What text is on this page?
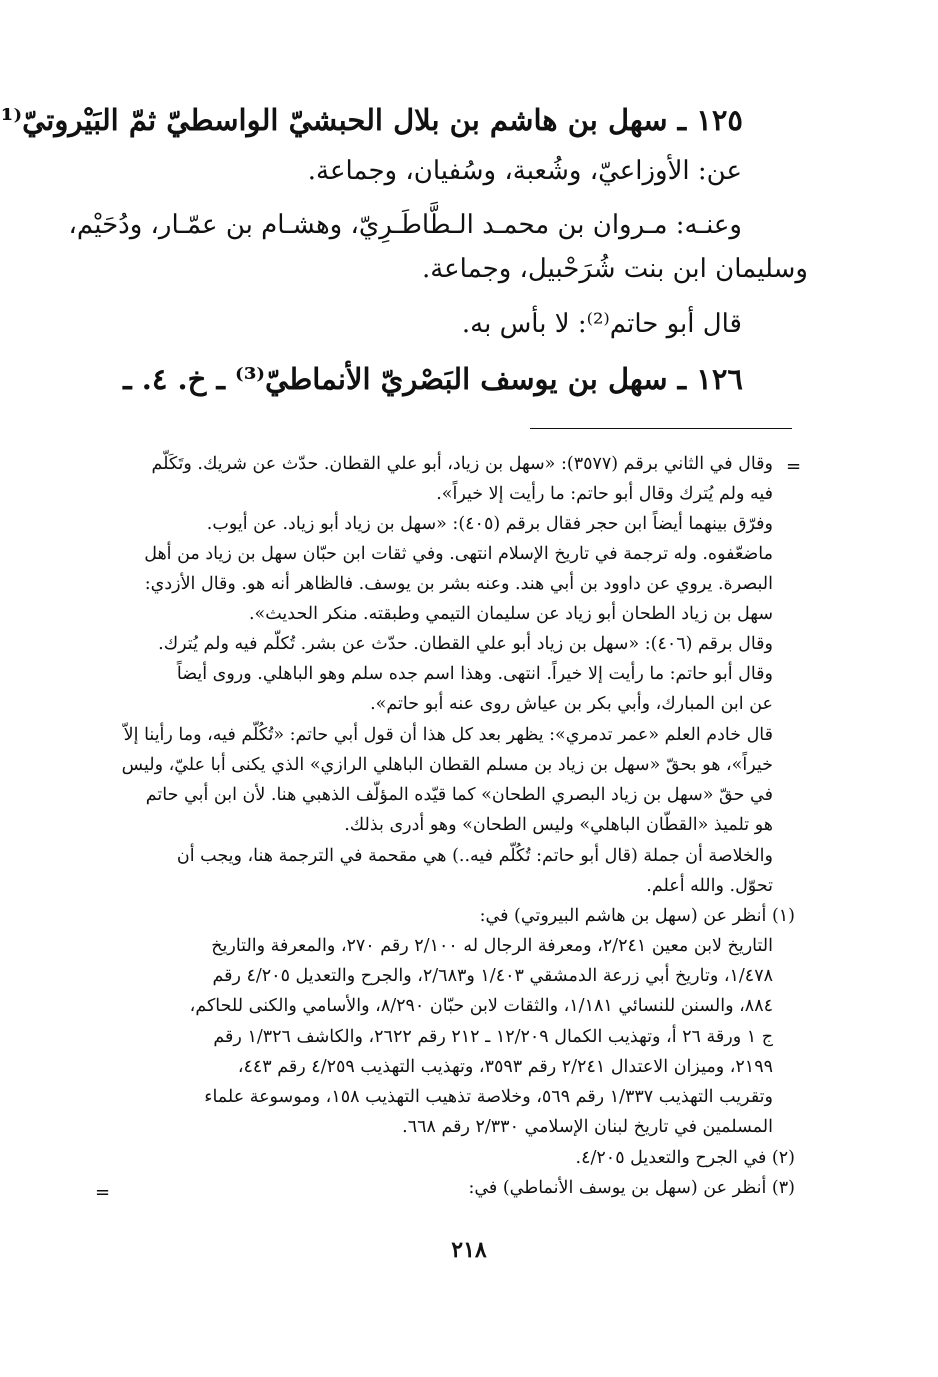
١٢٥ ـ سهل بن هاشم بن بلال الحبشيّ الواسطيّ ثمّ البَيْروتيّ⁽¹
عن: الأوزاعيّ، وشُعبة، وسُفيان، وجماعة.
وعنـه: مـروان بن محمـد الـطَّاطَـرِيّ، وهشـام بن عمّـار، ودُحَيْم،
وسليمان ابن بنت شُرَحْبيل، وجماعة.
قال أبو حاتم⁽²⁾: لا بأس به.
١٢٦ ـ سهل بن يوسف البَصْريّ الأنماطيّ⁽³⁾ ـ خ. ٤. ـ
=
وقال في الثاني برقم (٣٥٧٧): «سهل بن زياد، أبو علي القطان. حدّث عن شريك. وتَكَلّم
فيه ولم يُترك وقال أبو حاتم: ما رأيت إلا خيراً».
وفرّق بينهما أيضاً ابن حجر فقال برقم (٤٠٥): «سهل بن زياد أبو زياد. عن أيوب.
ماضعّفوه. وله ترجمة في تاريخ الإسلام انتهى. وفي ثقات ابن حبّان سهل بن زياد من أهل
البصرة. يروي عن داوود بن أبي هند. وعنه بشر بن يوسف. فالظاهر أنه هو. وقال الأزدي:
سهل بن زياد الطحان أبو زياد عن سليمان التيمي وطبقته. منكر الحديث».
وقال برقم (٤٠٦): «سهل بن زياد أبو علي القطان. حدّث عن بشر. تُكلّم فيه ولم يُترك.
وقال أبو حاتم: ما رأيت إلا خيراً. انتهى. وهذا اسم جده سلم وهو الباهلي. وروى أيضاً
عن ابن المبارك، وأبي بكر بن عياش روى عنه أبو حاتم».
قال خادم العلم «عمر تدمري»: يظهر بعد كل هذا أن قول أبي حاتم: «تُكُلّم فيه، وما رأينا إلاّ
خيراً»، هو بحقّ «سهل بن زياد بن مسلم القطان الباهلي الرازي» الذي يكنى أبا عليّ، وليس
في حقّ «سهل بن زياد البصري الطحان» كما قيّده المؤلّف الذهبي هنا. لأن ابن أبي حاتم
هو تلميذ «القطّان الباهلي» وليس الطحان» وهو أدرى بذلك.
والخلاصة أن جملة (قال أبو حاتم: تُكُلّم فيه..) هي مقحمة في الترجمة هنا، ويجب أن
تحوّل. والله أعلم.
(١) أنظر عن (سهل بن هاشم البيروتي) في:
التاريخ لابن معين ٢/٢٤١، ومعرفة الرجال له ٢/١٠٠ رقم ٢٧٠، والمعرفة والتاريخ
١/٤٧٨، وتاريخ أبي زرعة الدمشقي ١/٤٠٣ و٢/٦٨٣، والجرح والتعديل ٤/٢٠٥ رقم
٨٨٤، والسنن للنسائي ١/١٨١، والثقات لابن حبّان ٨/٢٩٠، والأسامي والكنى للحاكم،
ج ١ ورقة ٢٦ أ، وتهذيب الكمال ١٢/٢٠٩ ـ ٢١٢ رقم ٢٦٢٢، والكاشف ١/٣٢٦ رقم
٢١٩٩، وميزان الاعتدال ٢/٢٤١ رقم ٣٥٩٣، وتهذيب التهذيب ٤/٢٥٩ رقم ٤٤٣،
وتقريب التهذيب ١/٣٣٧ رقم ٥٦٩، وخلاصة تذهيب التهذيب ١٥٨، وموسوعة علماء
المسلمين في تاريخ لبنان الإسلامي ٢/٣٣٠ رقم ٦٦٨.
(٢) في الجرح والتعديل ٤/٢٠٥.
(٣) أنظر عن (سهل بن يوسف الأنماطي) في:
=
٢١٨
